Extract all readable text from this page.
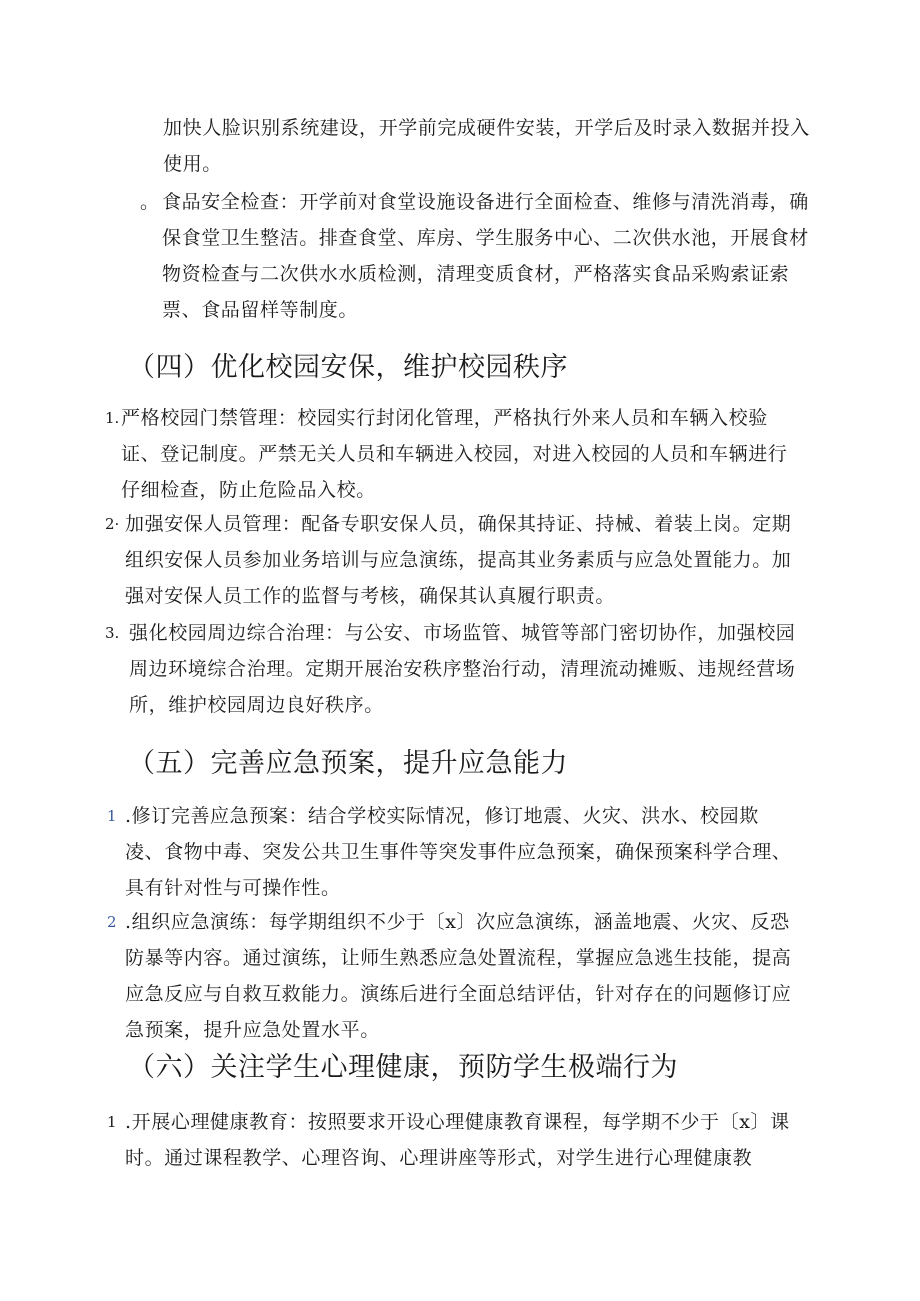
加快人脸识别系统建设，开学前完成硬件安装，开学后及时录入数据并投入使用。

。 食品安全检查：开学前对食堂设施设备进行全面检查、维修与清洗消毒，确保食堂卫生整洁。排查食堂、库房、学生服务中心、二次供水池，开展食材物资检查与二次供水水质检测，清理变质食材，严格落实食品采购索证索票、食品留样等制度。
（四）优化校园安保，维护校园秩序
1. 严格校园门禁管理：校园实行封闭化管理，严格执行外来人员和车辆入校验证、登记制度。严禁无关人员和车辆进入校园，对进入校园的人员和车辆进行仔细检查，防止危险品入校。
2· 加强安保人员管理：配备专职安保人员，确保其持证、持械、着装上岗。定期组织安保人员参加业务培训与应急演练，提高其业务素质与应急处置能力。加强对安保人员工作的监督与考核，确保其认真履行职责。
3. 强化校园周边综合治理：与公安、市场监管、城管等部门密切协作，加强校园周边环境综合治理。定期开展治安秩序整治行动，清理流动摊贩、违规经营场所，维护校园周边良好秩序。
（五）完善应急预案，提升应急能力
1 .修订完善应急预案：结合学校实际情况，修订地震、火灾、洪水、校园欺凌、食物中毒、突发公共卫生事件等突发事件应急预案，确保预案科学合理、具有针对性与可操作性。
2 .组织应急演练：每学期组织不少于〔x〕次应急演练，涵盖地震、火灾、反恐防暴等内容。通过演练，让师生熟悉应急处置流程，掌握应急逃生技能，提高应急反应与自救互救能力。演练后进行全面总结评估，针对存在的问题修订应急预案，提升应急处置水平。
（六）关注学生心理健康，预防学生极端行为
1 .开展心理健康教育：按照要求开设心理健康教育课程，每学期不少于〔x〕课时。通过课程教学、心理咨询、心理讲座等形式，对学生进行心理健康教
